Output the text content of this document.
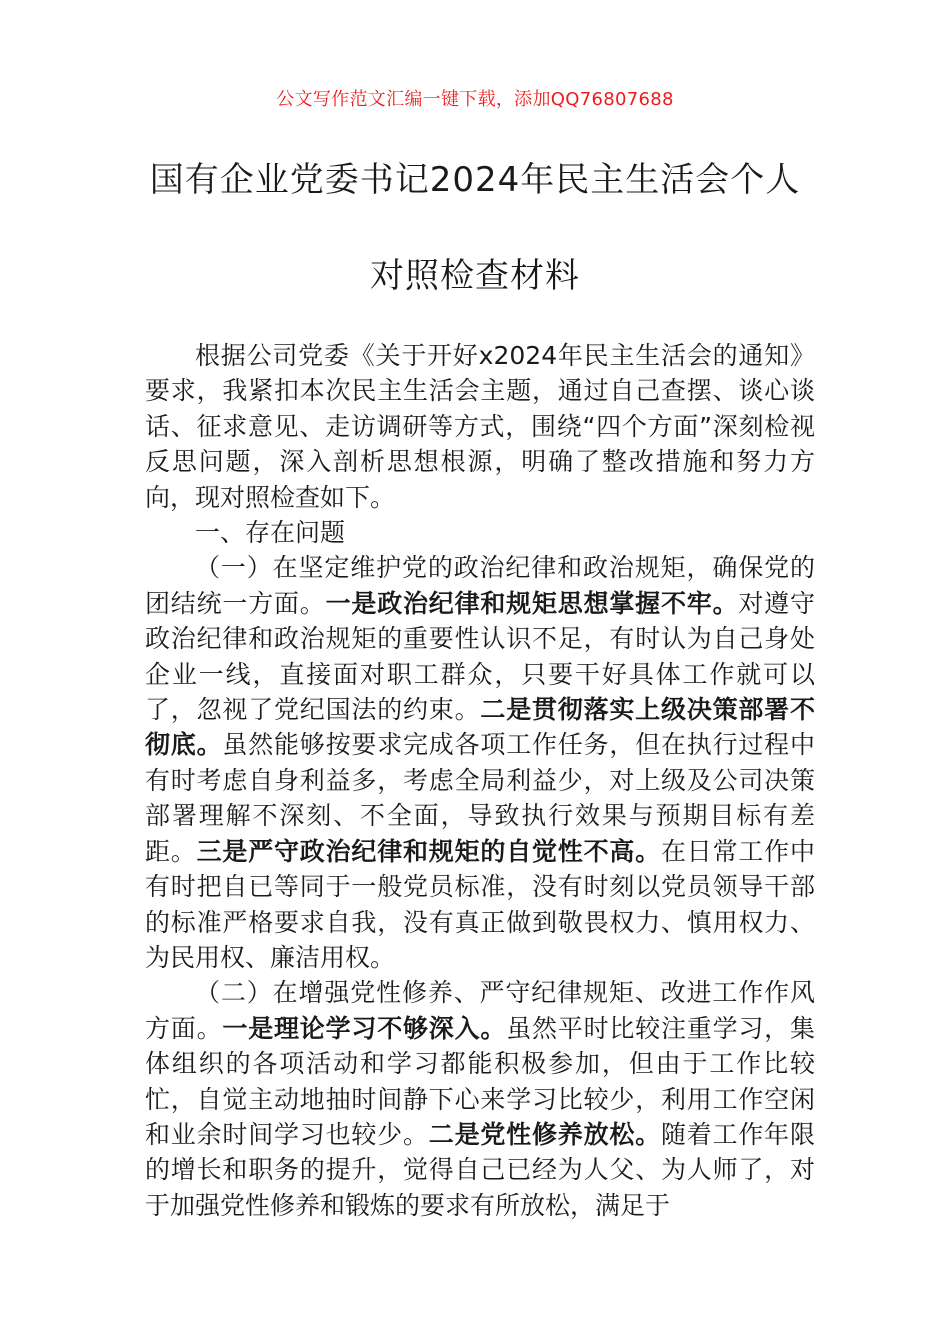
公文写作范文汇编一键下载，添加QQ76807688
国有企业党委书记2024年民主生活会个人
对照检查材料

根据公司党委《关于开好x2024年民主生活会的通知》要求，我紧扣本次民主生活会主题，通过自己查摆、谈心谈话、征求意见、走访调研等方式，围绕“四个方面”深刻检视反思问题，深入剖析思想根源，明确了整改措施和努力方向，现对照检查如下。

一、存在问题

（一）在坚定维护党的政治纪律和政治规矩，确保党的团结统一方面。一是政治纪律和规矩思想掌握不牢。对遵守政治纪律和政治规矩的重要性认识不足，有时认为自己身处企业一线，直接面对职工群众，只要干好具体工作就可以了，忽视了党纪国法的约束。二是贯彻落实上级决策部署不彻底。虽然能够按要求完成各项工作任务，但在执行过程中有时考虑自身利益多，考虑全局利益少，对上级及公司决策部署理解不深刻、不全面，导致执行效果与预期目标有差距。三是严守政治纪律和规矩的自觉性不高。在日常工作中有时把自已等同于一般党员标准，没有时刻以党员领导干部的标准严格要求自我，没有真正做到敬畏权力、慎用权力、为民用权、廉洁用权。

（二）在增强党性修养、严守纪律规矩、改进工作作风方面。一是理论学习不够深入。虽然平时比较注重学习，集体组织的各项活动和学习都能积极参加，但由于工作比较忙，自觉主动地抽时间静下心来学习比较少，利用工作空闲和业余时间学习也较少。二是党性修养放松。随着工作年限的增长和职务的提升，觉得自己已经为人父、为人师了，对于加强党性修养和锻炼的要求有所放松，满足于
